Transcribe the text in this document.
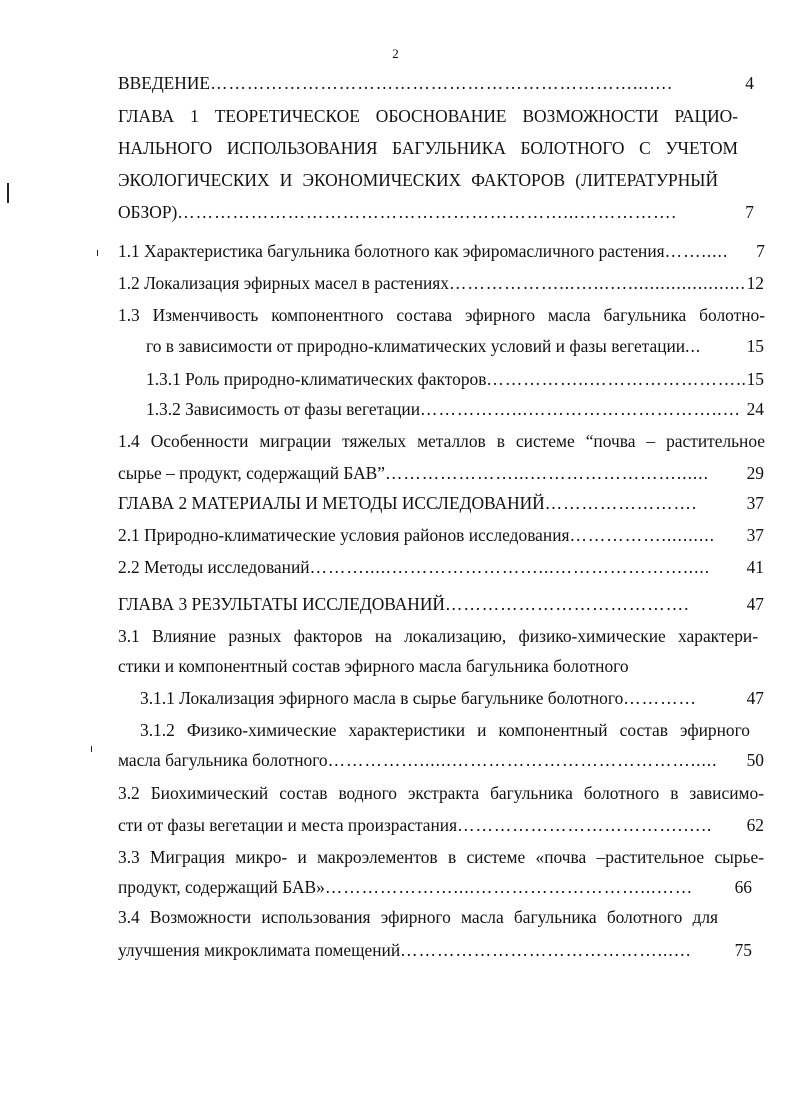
2
ВВЕДЕНИЕ ……………………………………………………………...….	4
ГЛАВА 1 ТЕОРЕТИЧЕСКОЕ ОБОСНОВАНИЕ ВОЗМОЖНОСТИ РАЦИО-
НАЛЬНОГО ИСПОЛЬЗОВАНИЯ БАГУЛЬНИКА БОЛОТНОГО С УЧЕТОМ
ЭКОЛОГИЧЕСКИХ И ЭКОНОМИЧЕСКИХ ФАКТОРОВ (ЛИТЕРАТУРНЫЙ
ОБЗОР) ………………………………………………………...…………….	7
1.1 Характеристика багульника болотного как эфиромасличного растения …….....	7
1.2 Локализация эфирных масел в растениях ………………...…...…...................... 12
1.3 Изменчивость компонентного состава эфирного масла багульника болотно-
го в зависимости от природно-климатических условий и фазы вегетации ...	15
1.3.1 Роль природно-климатических факторов ……………..…………………….. 15
1.3.2 Зависимость от фазы вегетации ……………...…………………………..… 24
1.4 Особенности миграции тяжелых металлов в системе “почва – растительное
сырье – продукт, содержащий БАВ” …………………...……………………......	29
ГЛАВА 2 МАТЕРИАЛЫ И МЕТОДЫ ИССЛЕДОВАНИЙ …………………….	37
2.1 Природно-климатические условия районов исследования ……………..........	37
2.2 Методы исследований ……….....……………………...………………….....	41
ГЛАВА 3 РЕЗУЛЬТАТЫ ИССЛЕДОВАНИЙ ………………………………….	47
3.1 Влияние разных факторов на локализацию, физико-химические характери-
стики и компонентный состав эфирного масла багульника болотного
3.1.1 Локализация эфирного масла в сырье багульнике болотного …………	47
3.1.2 Физико-химические характеристики и компонентный состав эфирного
масла багульника болотного ……………......………………………………….....	50
3.2 Биохимический состав водного экстракта багульника болотного в зависимо-
сти от фазы вегетации и места произрастания ……………………………….…..	62
3.3 Миграция микро- и макроэлементов в системе «почва –растительное сырье-
продукт, содержащий БАВ» …………………....………………………...……	66
3.4 Возможности использования эфирного масла багульника болотного для
улучшения микроклимата помещений ……………………………………...…	75
